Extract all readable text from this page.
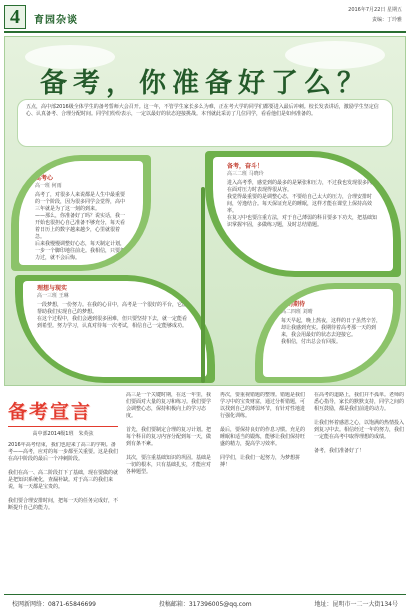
4	育园杂谈
2016年7月22日 星期五
责编：丁玲雅
备考，你准备好了么？
五点，高中部2016级全体学生的备考誓师大会召开。这一年，不管学生家长多么为难，正在考大学的同学们都要进入最后冲刺。校长发表讲话，激励学生坚定信心、认真备考、合理分配时间。同学们纷纷表示，一定以最好的状态迎接挑战。本刊就此采访了几位同学，看看他们是如何准备的。
高考心
高一班 何雨
高考了，对很多人来说都是人生中最重要的一个阶段，因为很多同学会觉得，高中三年就是为了这一刻的到来。
——那么，你准备好了吗？说实话，我一开始也很担心自己准备不够充分，每天看着日历上的数字越来越少，心里就很着急。
后来我慢慢调整好心态，每天制定计划，一步一个脚印地往前走。我相信，只要努力过，就不会后悔。
备考，奋斗！
高三二班 马晓玲
进入高考季，感觉到的最多的是紧张和压力，不过我也发现很多同学在面对压力时表现得很从容。
我觉得最重要的是调整心态，不要给自己太大的压力，合理安排时间，劳逸结合。每天保证充足的睡眠，这样才能在课堂上保持高效率。
在复习中也要注重方法，对于自己薄弱的科目要多下功夫，把基础知识掌握牢固，多做练习题，及时总结错题。
理想与现实
高一三班 王琳
一段梦想，一份努力。在我的心目中，高考是一个很好的平台，它能帮助我们实现自己的梦想。
在这个过程中，我们会遇到很多困难，但只要坚持下去，就一定能看到希望。努力学习，认真对待每一次考试，相信自己一定能够成功。
我的期待
高二四班 刘晴
每天早起，晚上熬夜，这样的日子虽然辛苦，却让我感到充实。我期待着高考那一天的到来，我会用最好的状态去迎接它。
我相信，付出总会有回报。
备考宣言
高中部2014级1班　朱英弦
2016年高考结束，我们也迎来了高三的学期。备考——高考，应对的每一步都至关重要。这是我们在高中阶段的最后一个冲刺阶段。

我们在高一、高二阶段打下了基础，现在要做的就是把知识系统化，查漏补缺。对于高三的我们来说，每一天都是宝贵的。

我们要合理安排时间，把每一天的任务完成好，不断提升自己的能力。
高三是一个关键时期，在这一年里，我们要面对大量的复习和练习。我们要学会调整心态，保持积极向上的学习态度。

首先，我们要制定合理的复习计划。把每个科目的复习内容分配到每一天，做到有条不紊。

其次，要注重基础知识的巩固。基础是一切的根本，只有基础扎实，才能应对各种题型。
再次，要重视错题的整理。错题是我们学习中的宝贵财富，通过分析错题，可以找到自己的薄弱环节，有针对性地进行强化训练。

最后，要保持良好的作息习惯。充足的睡眠和适当的锻炼，能够让我们保持旺盛的精力，提高学习效率。

同学们，让我们一起努力，为梦想拼搏！
在高考的道路上，我们并不孤单。老师的悉心指导，家长的默默支持，同学之间的相互鼓励，都是我们前进的动力。

让我们怀着感恩之心，以饱满的热情投入到复习中去。相信经过一年的努力，我们一定能在高考中取得理想的成绩。

备考，我们准备好了！
校网新网络：0871-65846699	投稿邮箱：317396005@qq.com	地址：昆明市一二一大街134号
